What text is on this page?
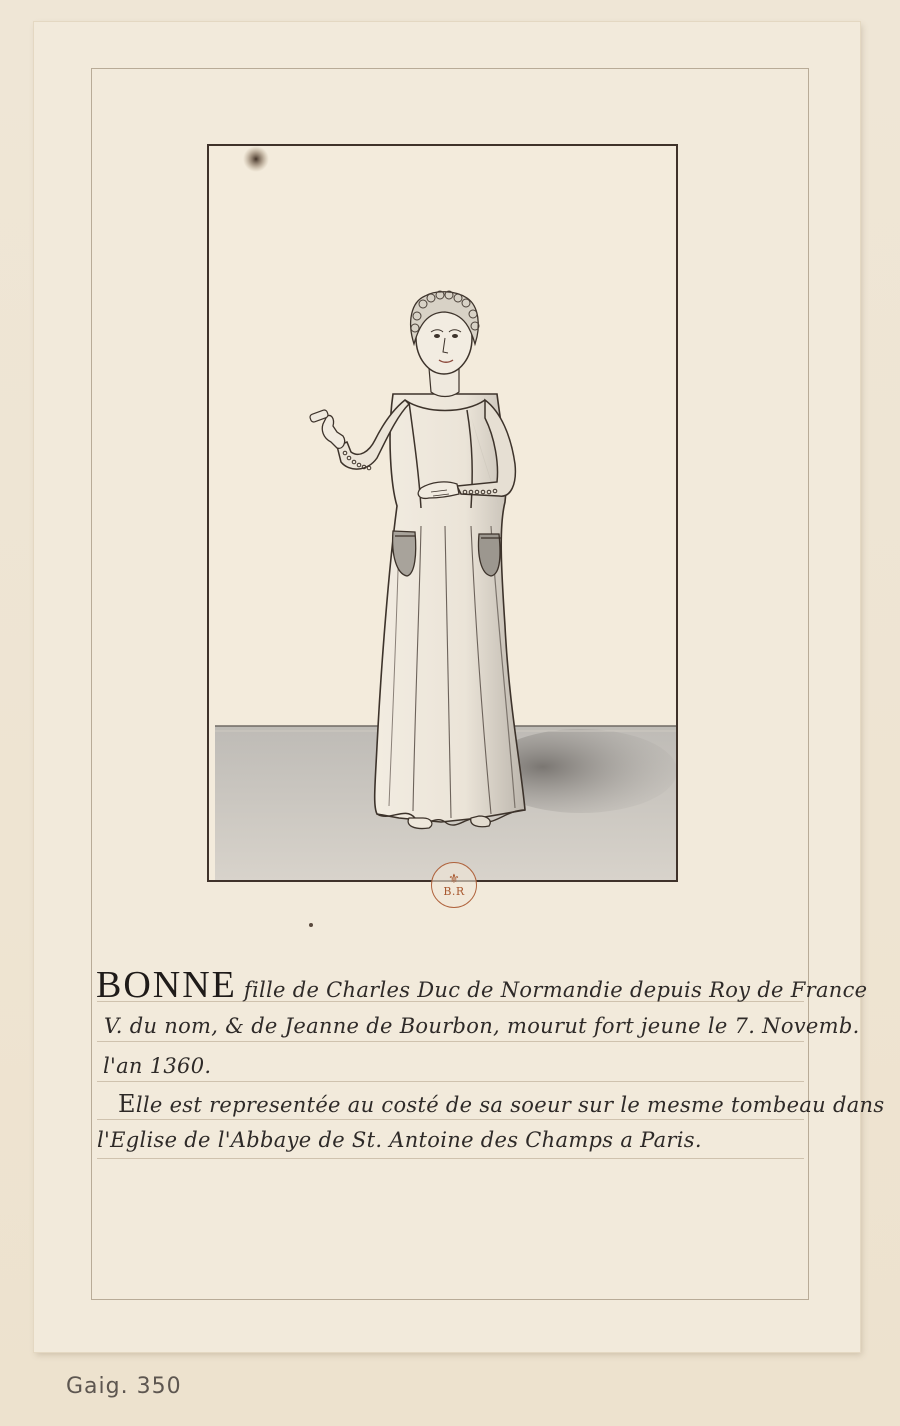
⚜
B.R
BONNE fille de Charles Duc de Normandie depuis Roy de France
V. du nom, & de Jeanne de Bourbon, mourut fort jeune le 7. Novemb.
l'an 1360.
Elle est representée au costé de sa soeur sur le mesme tombeau dans
l'Eglise de l'Abbaye de St. Antoine des Champs a Paris.
Gaig. 350
